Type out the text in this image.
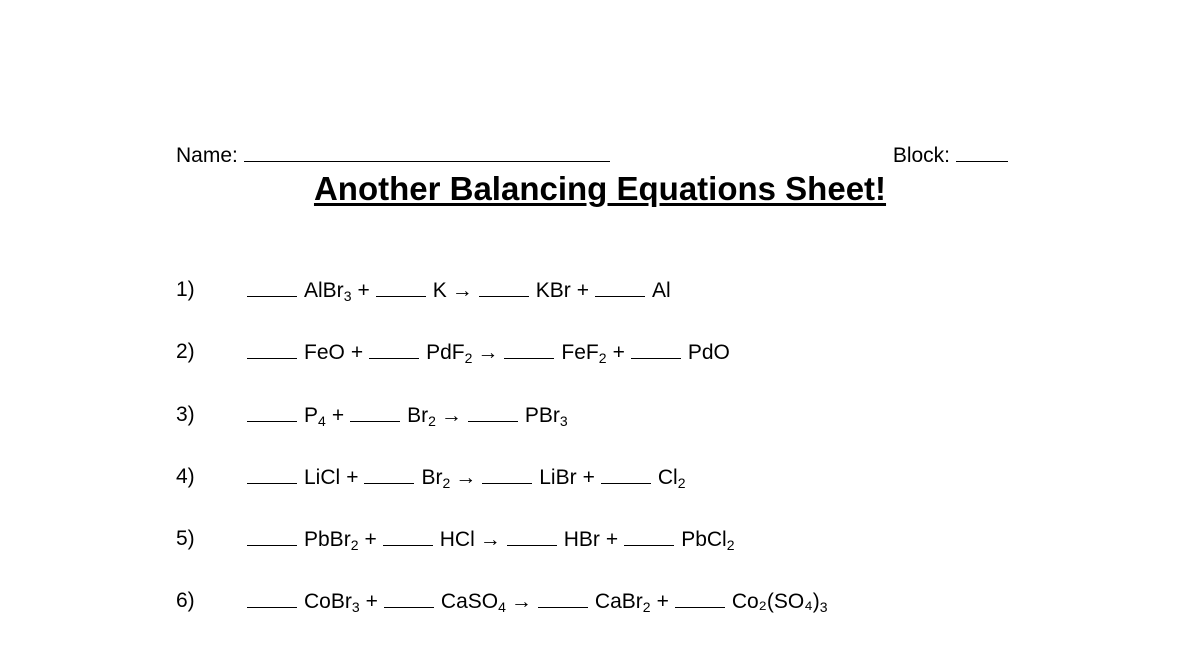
Name:	Block:
Another Balancing Equations Sheet!
1)	AlBr$_3$ +	K →	KBr +	Al
2)	FeO +	PdF$_2$ →	FeF$_2$ +	PdO
3)	$P_4$ +	$Br_2$ →	PBr$_3$
4)	LiCl +	$Br_2$ →	LiBr +	$Cl_2$
5)	PbBr$_2$ +	HCl →	HBr +	PbCl$_2$
6)	CoBr$_3$ +	CaSO$_4$ →	CaBr$_2$ +	$Co_2(SO_4)_3$
